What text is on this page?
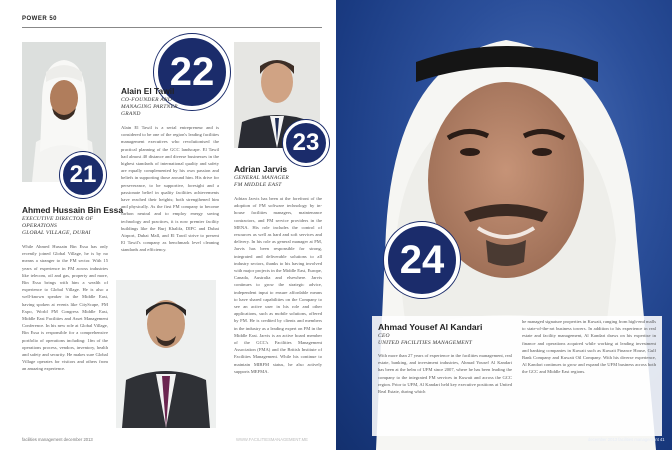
POWER 50
21
Ahmed Hussain Bin Essa
EXECUTIVE DIRECTOR OF
OPERATIONS
GLOBAL VILLAGE, DUBAI
While Ahmed Hussain Bin Essa has only recently joined Global Village, he is by no means a stranger to the FM sector. With 15 years of experience in FM across industries like telecom, oil and gas, property and more, Bin Essa brings with him a wealth of experience to Global Village. He is also a well-known speaker in the Middle East, having spoken at events like CityScape, FM Expo, World FM Congress Middle East, Middle East Facilities and Asset Management Conference. In his new role at Global Village, Bin Essa is responsible for a comprehensive portfolio of operations including: 1fm of the operations process, vendors, inventory, health and safety and security. He makes sure Global Village operates for visitors and others from an amazing experience.
22
Alain El Tawil
CO-FOUNDER AND
MANAGING PARTNER
GRAND
Alain El Tawil is a serial entrepreneur and is considered to be one of the region's leading facilities management executives who revolutionised the practical planning of the GCC landscape. El Tawil had almost 40 distance and diverse businesses in the highest standards of international quality and safety are equally complemented by his own passion and beliefs in supporting those around him. His drive for perseverance, to be supportive, foresight and a passionate belief in quality facilities achievements have reached their heights; both strengthened him and physically. As the first FM company to become carbon neutral and to employ energy saving technology and practices, it is now premier facility buildings like the Burj Khalifa, DIFC and Dubai Airport, Dubai Mall, and El Tawil strive to present El Tawil's company as benchmark level cleaning standards and efficiency.
23
Adrian Jarvis
GENERAL MANAGER
FM MIDDLE EAST
Adrian Jarvis has been at the forefront of the adoption of FM software technology by in-house facilities managers, maintenance contractors, and FM service providers in the MENA. His role includes the control of resources as well as hard and soft services and delivery. In his role as general manager at FM, Jarvis has been responsible for strong, integrated and deliverable solutions to all industry sectors, thanks to his having involved with major projects in the Middle East, Europe, Canada, Australia and elsewhere. Jarvis continues to grow the strategic advice, independent input to ensure affordable means to have shared capabilities on the Company to see an active user in his role and other applications, such as mobile solutions, offered by FM. He is credited by clients and members in the industry as a leading expert on FM in the Middle East. Jarvis is an active board member of the GCC's Facilities Management Association (FMA) and the British Institute of Facilities Management. While his continue to maintain MIBFM status, he also actively supports MEFMA.
facilities management december 2013
24
Ahmad Yousef Al Kandari
CEO
UNITED FACILITIES MANAGEMENT
With more than 27 years of experience in the facilities management, real estate, banking, and investment industries, Ahmad Yousef Al Kandari has been at the helm of UFM since 2007, where he has been leading the company to the integrated FM services in Kuwait and across the GCC region. Prior to UFM, Al Kandari held key executive positions at United Real Estate, during which
he managed signature properties in Kuwait, ranging from high-end malls to state-of-the-art business towers. In addition to his experience in real estate and facility management, Al Kandari draws on his expertise in finance and operations acquired while working at leading investment and banking companies in Kuwait such as Kuwait Finance House, Gulf Bank Company and Kuwait Oil Company. With his diverse experience, Al Kandari continues to grow and expand the UFM business across both the GCC and Middle East regions.
WWW.FACILITIESMANAGEMENT.ME	december 2013 facilities management 41
